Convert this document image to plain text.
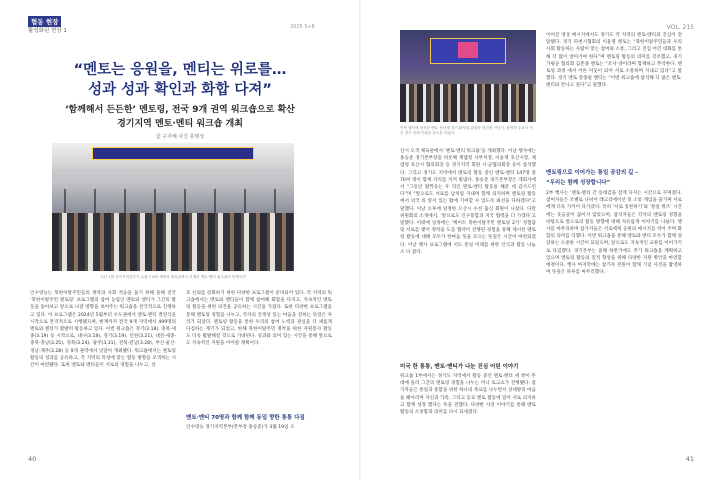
협동 현장
활성화된 현장 1
2025 5+6
“멘토는 응원을, 멘티는 위로를…
성과 성과 확인과 화합 다져”
‘함께해서 든든한’ 멘토링, 전국 9개 권역 워크숍으로 확산
경기지역 멘토·멘티 워크숍 개최
글 구자혜 사진 류병성
지난 1월 경기지역본부가 수원시 6번 세계적 체육관에서 진행한 멘토·멘티 워크숍의 단체사진
인수영농는 북한이탈주민들의 정착과 사회 적응을 돕기 위해 올해 전국 ‘북한이탈주민 멘토링’ 프로그램의 참여 농업인 멘토와 멘티가 그간의 활동을 돌아보고 앞으로 나갈 방향을 보여주는 워크숍을 전국적으로 진행하고 있다. 이 프로그램은 2024년 5월부터 수도권에서 멘토·멘티 결연식을 시작으로 본격적으로 시행됐으며, 현재까지 전국 9개 지역에서 499명의 멘토와 멘티가 활발히 활동하고 있다. 이번 워크숍은 경기(3.18), 충북·세종(3.19) 등 시작으로, 대구(3.18), 경기(3.19), 인천(3.21), 대전·세종·충북·충남(3.25), 경북(3.24), 광주(3.31), 전북·전남(3.28), 부산·울산·경남·제주(3.28) 등 9개 권역에서 잇달아 개최됐다. 워크숍에서는 멘토링 활동의 성과를 공유하고, 각 지역의 특성에 맞는 활동 방향을 모색하는 시간이 마련됐다. 또한 멘토와 멘티들이 서로의 경험을 나누고, 상
호 신뢰를 강화하기 위한 다양한 프로그램이 준비되어 있다. 각 지역의 워크숍에서는 멘토와 멘티들이 함께 참여해 화합을 다지고, 지속적인 멘토링 활동을 위한 의견을 공유하는 시간을 가졌다. 또한 다양한 프로그램을 통해 멘토링 경험을 나누고, 각자의 진정성 있는 마음을 전하는 뜻깊은 자리가 되었다. 멘토링 활동을 통한 우리의 참여 노력과 관심을 더 새롭게 다짐하는 계기가 되었고, 한해 북한이탈주민 정착을 위한 자원봉사 활동도 더욱 활발해질 것으로 기대된다. 성과와 의미 있는 시간을 통해 앞으로도 지속적인 지원을 이어갈 계획이다.
멘토·멘티 70명과 함께 함께 동일 향한 통통 다짐
인수영농 경기지역본부(본부장 홍승준)가 3월 19일 오
40
VOL. 215
이번 행사에 참석한 멘토 정선행 경기 활성화 위원장 정진정 기념사, 참여자 수료식 이후 경기 전체 인원을 강도통 하였다.
산시 오색 체육관에서 ‘멘토·멘티 워크숍’을 개최했다. 이날 행사에는 홍승준 경기본부장을 비롯해 재엽청 사무처장, 이윤재 호산시장, 제엽청 호산시 협의회장 등 경기지역 회원 시·군협의회장 등이 참석했다. 그리고 경기도 지역에서 멘토링 활동 중인 멘토·멘티 147명 중 70여 명이 함께 자리를 지켜 빛냈다. 홍승준 경기본부장은 개회사에서 “그동안 활짝웃는 우 리인 멘토·멘티 활동을 해준 데 감사드린다”며 “앞으로도 서로를 남처럼 지내며 함께 의지하며 멘토링 활동에서 의국 의 앞서 있는 활에 기여할 수 있도록 최선을 다하겠다”고 말했다. 이날 오후에 일정한 오산시 수선 출신 회원이 나섰다. 다만 위원회의 소개에서, ‘앞으로도 인구통합과 지국 협력을 더 가겠다’고 말했다. 이밖에 일정에는 ‘케이트 북한이탈주민 멘토링 2기’ 경험담 및 서로를 맺어 정착을 도를 협약이 진행된 경험을 통해 제시된 멘토링 활동에 대해 모두가 한마음 뜻을 모으는 뜻깊은 시간이 마련되었다. 이날 행사 프로그램에 서도 통일 미래를 위한 인식과 활동 나눔 소 다 졌다.
미국 한 통통, 멘토·멘티가 나눈 진심 어린 이야기
워크숍 1부에서는 경기도 지역에서 활동 중인 멘토·멘티 세 쌍이 무대에 올라 그간의 멘토링 경험을 나누는 미니 토크쇼가 진행됐다. 참가자들은 통일과 통합을 위한 하나의 목표를 나누면서 상대방의 마음을 헤아리며 자신과 가족, 그리고 동료 멘토 활동에 있어 서로 의지하고 함께 성장 했다는 뜻을 전했다. 다양한 사연 이야기를 통해 멘토 활동의 소중함과 의미를 다시 되새겼다.
이어진 영상 메시지에서도 경기도 각 지역의 멘토·멘티의 진심이 전달됐다. 경기 파천시협회의 이윤명 멘토는 “북한이탈주민들과 우리 사회 활동하는 사람이 맞는 참여와 소통, 그리고 진심 어린 대화를 통해 더 많이 알아가야 한다”며 멘토링 활동의 의미를 강조했고, 경기 가평군 협의회 김춘종 멘토는 “조사 양이라며 함께하고 추억한다. 멘토링 과정 에서 어른 이웃이 되어 서로 소통하며 지내고 있다”고 말했다. 경기 멘토 강종필 멘티는 “이번 워크숍에 참석해 더 많은 멘토·멘티와 만나고 싶다”고 말했다.
멘토링으로 이어가는 통일 공감의 길 –
“우리는 함께 성장합니다”
2부 행사는 ‘멘토·멘티 간 동대감을 잘게 다지는 시간으로 꾸며졌다. 참여자들은 조별로 나뉘어 레크리에이션 및 소통 게임을 즐기며 서로에게 더욱 가까이 다가갔다. 특히 ‘서로 칭찬하기’와 ‘통일 퀴즈’ 시간에는 웃음꽃이 끊이지 않았으며, 참석자들은 각자의 멘토링 경험을 바탕으로 앞으로의 활동 방향에 대해 자유롭게 이야기를 나눴다. 행사를 마무리하며 참가자들은 서로에게 응원의 메시지를 적어 주며 화합의 의미를 더했다. 이번 워크숍을 통해 멘토와 멘티 모두가 함께 성장하는 소중한 시간이 되었으며, 앞으로도 지속적인 교류를 이어가기로 다짐했다. 경기본부는 올해 하반기에도 추가 워크숍을 계획하고 있으며 멘토링 활동의 질적 향상을 위해 다양한 지원 방안을 마련할 예정이다. 행사 마지막에는 참가자 전원이 함께 기념 사진을 촬영하며 뜻깊은 하루를 마무리했다.
41
